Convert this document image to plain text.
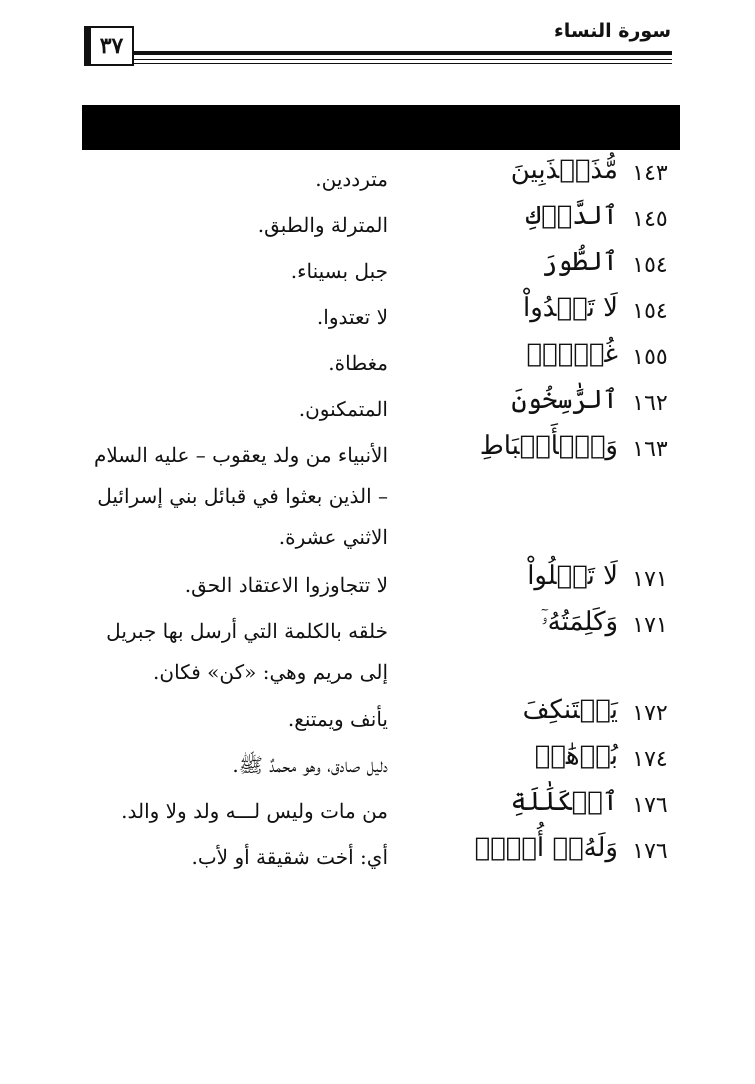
٣٧
سورة النساء
١٤٣
مُّذَبۡذَبِينَ
مترددين.
١٤٥
ٱلدَّرۡكِ
المترلة والطبق.
١٥٤
ٱلطُّورَ
جبل بسيناء.
١٥٤
لَا تَعۡدُواْ
لا تعتدوا.
١٥٥
غُلۡفُۢ
مغطاة.
١٦٢
ٱلرَّٰسِخُونَ
المتمكنون.
١٦٣
وَٱلۡأَسۡبَاطِ
الأنبياء من ولد يعقوب – عليه السلام – الذين بعثوا في قبائل بني إسرائيل الاثني عشرة.
١٧١
لَا تَغۡلُواْ
لا تتجاوزوا الاعتقاد الحق.
١٧١
وَكَلِمَتُهُۥٓ
خلقه بالكلمة التي أرسل بها جبريل إلى مريم وهي: «كن» فكان.
١٧٢
يَسۡتَنكِفَ
يأنف ويمتنع.
١٧٤
بُرۡهَٰنٞ
دليل صادق، وهو محمدٌ ﷺ.
١٧٦
ٱلۡكَلَٰلَةِ
من مات وليس لـــه ولد ولا والد.
١٧٦
وَلَهُۥٓ أُخۡتٞ
أي: أخت شقيقة أو لأب.
